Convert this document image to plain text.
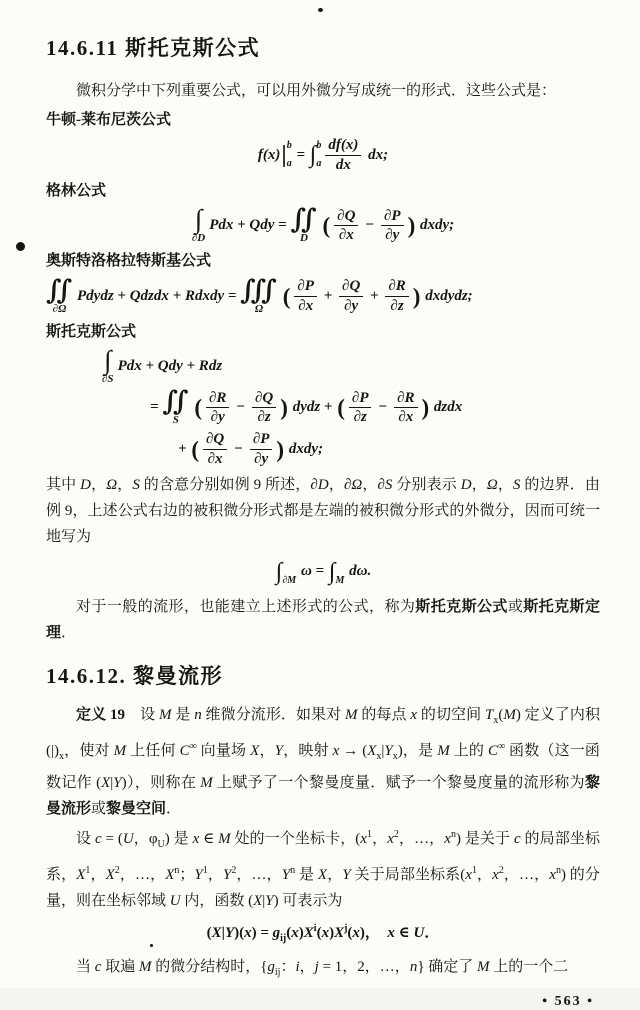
14.6.11 斯托克斯公式
微积分学中下列重要公式，可以用外微分写成统一的形式．这些公式是：
牛顿-莱布尼茨公式
f(x) | b
a
= ∫ b
a $\frac{df(x)}{dx}$ dx;
格林公式
∫
∂D
Pdx + Qdy = ∬
D ( $\frac{\partial Q}{\partial x} - \frac{\partial P}{\partial y}$ ) dxdy;
奥斯特洛格拉特斯基公式
∬
∂Ω
Pdydz + Qdzdx + Rdxdy = ∭
Ω ( $\frac{\partial P}{\partial x} + \frac{\partial Q}{\partial y} + \frac{\partial R}{\partial z}$ ) dxdydz;
斯托克斯公式
∫
∂S
Pdx + Qdy + Rdz
= ∬
S ( $\frac{\partial R}{\partial y} - \frac{\partial Q}{\partial z}$ ) dydz + ( $\frac{\partial P}{\partial z} - \frac{\partial R}{\partial x}$ ) dzdx
+ ( $\frac{\partial Q}{\partial x} - \frac{\partial P}{\partial y}$ ) dxdy;
其中 D，Ω，S 的含意分别如例 9 所述，∂D，∂Ω，∂S 分别表示 D，Ω，S 的边界．由例 9，上述公式右边的被积微分形式都是左端的被积微分形式的外微分，因而可统一地写为
∫
∂M
ω = ∫
M
dω.
对于一般的流形，也能建立上述形式的公式，称为斯托克斯公式或斯托克斯定理．
14.6.12. 黎曼流形
定义 19　设 M 是 n 维微分流形．如果对 M 的每点 x 的切空间 $T_x(M)$ 定义了内积 $(|)_x$，使对 M 上任何 C∞ 向量场 X，Y，映射 $x \to (X_x|Y_x)$，是 M 上的 C∞ 函数（这一函数记作 (X|Y)），则称在 M 上赋予了一个黎曼度量．赋予一个黎曼度量的流形称为黎曼流形或黎曼空间．
设 c = (U，$\varphi_U$) 是 x ∈ M 处的一个坐标卡，($x^1$，$x^2$，…，$x^n$) 是关于 c 的局部坐标系，$X^1$，$X^2$，…，$X^n$；$Y^1$，$Y^2$，…，$Y^n$ 是 X，Y 关于局部坐标系($x^1$，$x^2$，…，$x^n$) 的分量，则在坐标邻域 U 内，函数 (X|Y) 可表示为
$(X|Y)(x) = g_{ij}(x)X^i(x)X^j(x)$，　x ∈ U．
当 c 取遍 M 的微分结构时，{$g_{ij}$：i，j = 1，2，…，n} 确定了 M 上的一个二
• 563 •
